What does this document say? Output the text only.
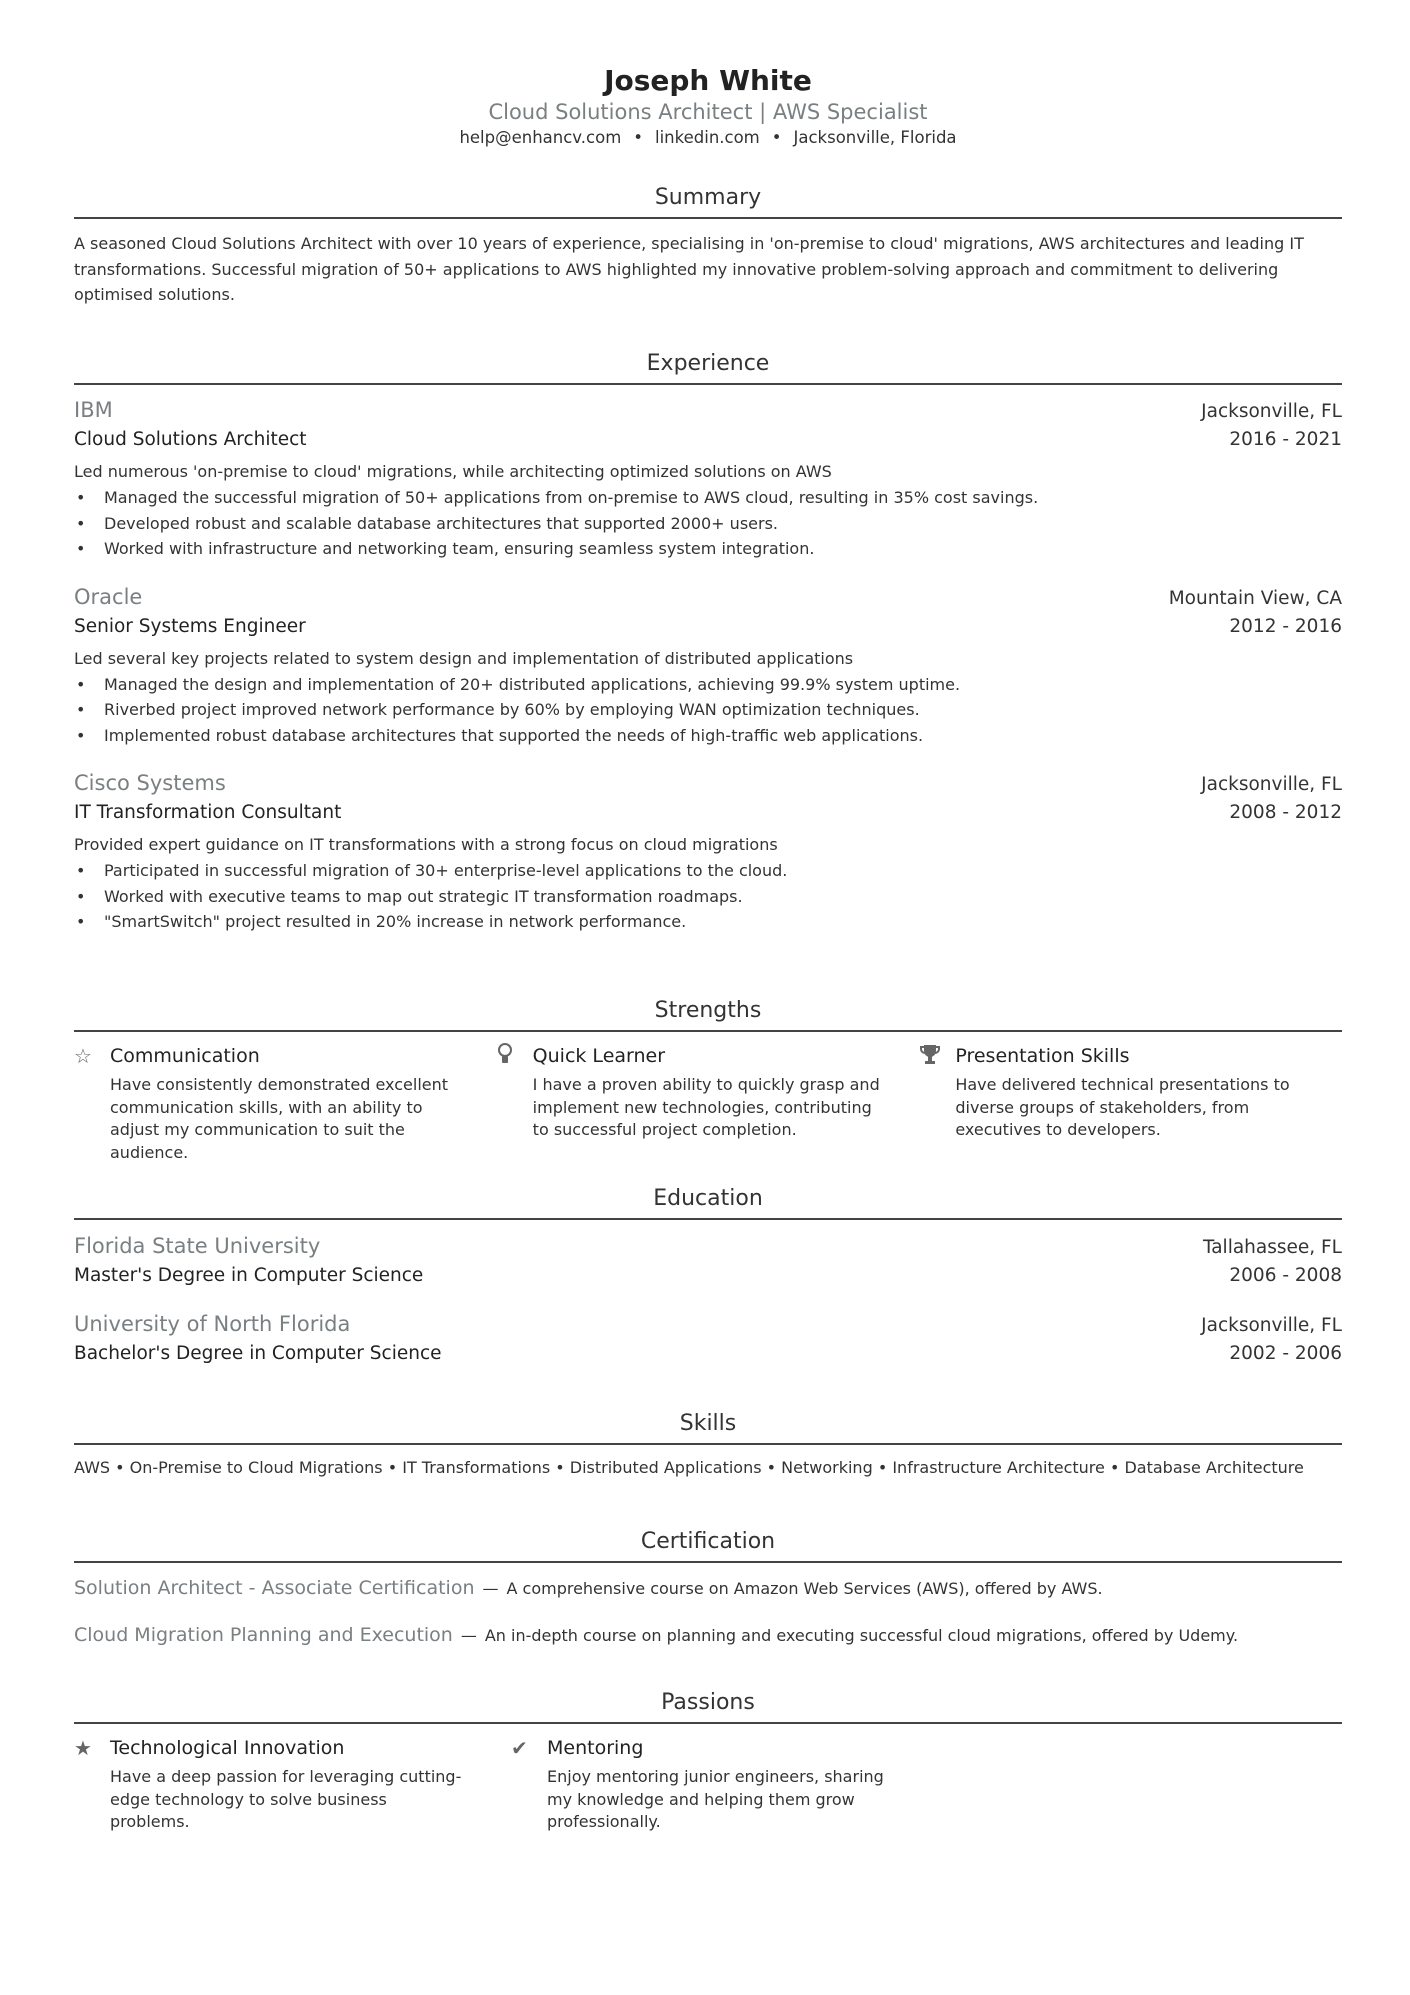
Joseph White
Cloud Solutions Architect | AWS Specialist
help@enhancv.com • linkedin.com • Jacksonville, Florida
Summary
A seasoned Cloud Solutions Architect with over 10 years of experience, specialising in 'on-premise to cloud' migrations, AWS architectures and leading IT transformations. Successful migration of 50+ applications to AWS highlighted my innovative problem-solving approach and commitment to delivering optimised solutions.
Experience
IBM	Jacksonville, FL
Cloud Solutions Architect	2016 - 2021
Led numerous 'on-premise to cloud' migrations, while architecting optimized solutions on AWS
• Managed the successful migration of 50+ applications from on-premise to AWS cloud, resulting in 35% cost savings.
• Developed robust and scalable database architectures that supported 2000+ users.
• Worked with infrastructure and networking team, ensuring seamless system integration.
Oracle	Mountain View, CA
Senior Systems Engineer	2012 - 2016
Led several key projects related to system design and implementation of distributed applications
• Managed the design and implementation of 20+ distributed applications, achieving 99.9% system uptime.
• Riverbed project improved network performance by 60% by employing WAN optimization techniques.
• Implemented robust database architectures that supported the needs of high-traffic web applications.
Cisco Systems	Jacksonville, FL
IT Transformation Consultant	2008 - 2012
Provided expert guidance on IT transformations with a strong focus on cloud migrations
• Participated in successful migration of 30+ enterprise-level applications to the cloud.
• Worked with executive teams to map out strategic IT transformation roadmaps.
• "SmartSwitch" project resulted in 20% increase in network performance.
Strengths
☆ Communication
Have consistently demonstrated excellent communication skills, with an ability to adjust my communication to suit the audience.
Quick Learner
I have a proven ability to quickly grasp and implement new technologies, contributing to successful project completion.
Presentation Skills
Have delivered technical presentations to diverse groups of stakeholders, from executives to developers.
Education
Florida State University	Tallahassee, FL
Master's Degree in Computer Science	2006 - 2008
University of North Florida	Jacksonville, FL
Bachelor's Degree in Computer Science	2002 - 2006
Skills
AWS • On-Premise to Cloud Migrations • IT Transformations • Distributed Applications • Networking • Infrastructure Architecture • Database Architecture
Certification
Solution Architect - Associate Certification — A comprehensive course on Amazon Web Services (AWS), offered by AWS.
Cloud Migration Planning and Execution — An in-depth course on planning and executing successful cloud migrations, offered by Udemy.
Passions
★ Technological Innovation
Have a deep passion for leveraging cutting-edge technology to solve business problems.
✔	Mentoring
Enjoy mentoring junior engineers, sharing my knowledge and helping them grow professionally.
